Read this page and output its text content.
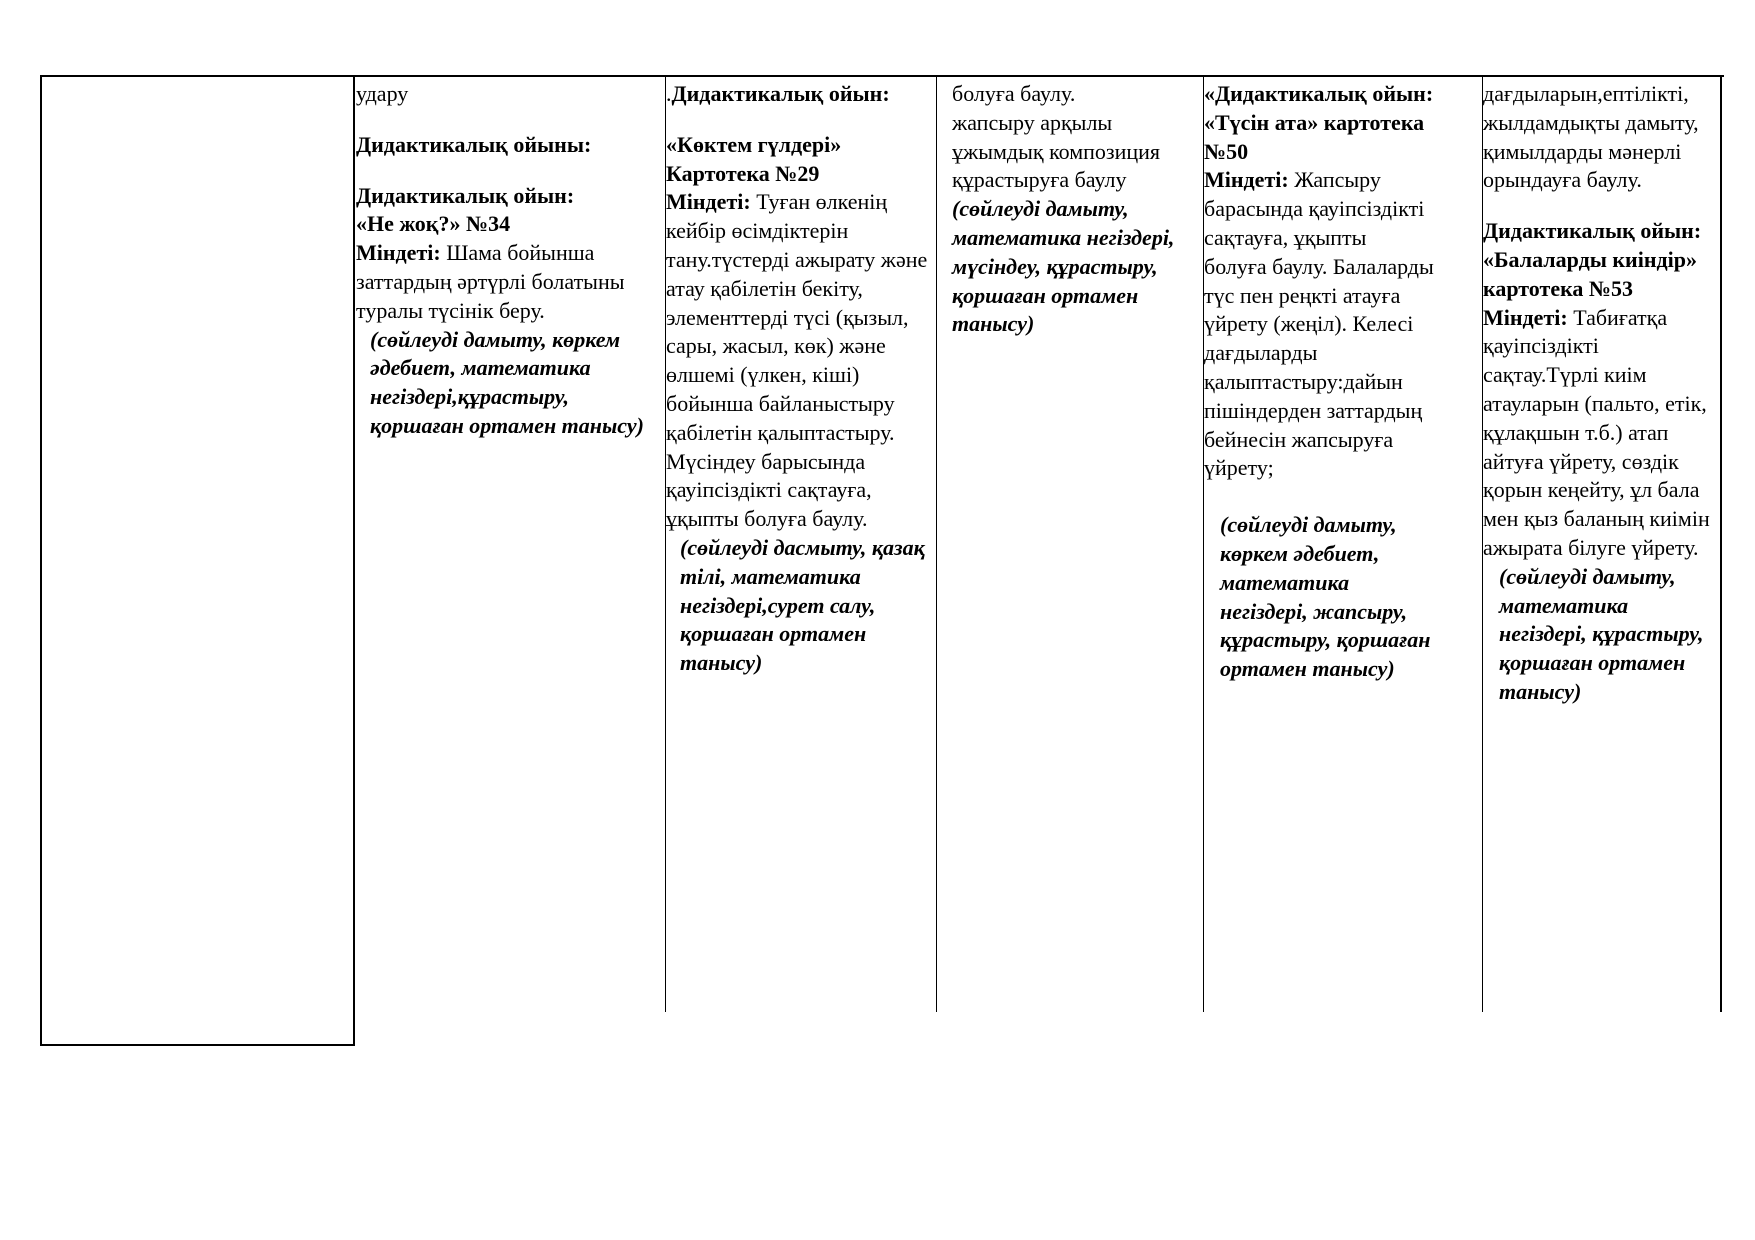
удару

Дидактикалық ойыны:

Дидактикалық ойын:

«Не жоқ?» №34

Міндеті: Шама бойынша заттардың әртүрлі болатыны туралы түсінік беру.

(сөйлеуді дамыту, көркем әдебиет, математика негіздері,құрастыру, қоршаған ортамен танысу)

.Дидактикалық ойын:

«Көктем гүлдері» Картотека №29

Міндеті: Туған өлкенің кейбір өсімдіктерін тану.түстерді ажырату және атау қабілетін бекіту, элементтерді түсі (қызыл, сары, жасыл, көк) және өлшемі (үлкен, кіші) бойынша байланыстыру қабілетін қалыптастыру. Мүсіндеу барысында қауіпсіздікті сақтауға, ұқыпты болуға баулу.

(сөйлеуді дасмыту, қазақ тілі, математика негіздері,сурет салу, қоршаған ортамен танысу)

болуға баулу.

жапсыру арқылы ұжымдық композиция құрастыруға баулу

(сөйлеуді дамыту, математика негіздері, мүсіндеу, құрастыру, қоршаған ортамен танысу)

«Дидактикалық ойын: «Түсін ата» картотека №50

Міндеті: Жапсыру барасында қауіпсіздікті сақтауға, ұқыпты болуға баулу. Балаларды түс пен реңкті атауға үйрету (жеңіл). Келесі дағдыларды қалыптастыру:дайын пішіндерден заттардың бейнесін жапсыруға үйрету;

(сөйлеуді дамыту, көркем әдебиет, математика негіздері, жапсыру, құрастыру, қоршаған ортамен танысу)

дағдыларын,ептілікті, жылдамдықты дамыту, қимылдарды мәнерлі орындауға баулу.

Дидактикалық ойын: «Балаларды киіндір» картотека №53

Міндеті: Табиғатқа қауіпсіздікті сақтау.Түрлі киім атауларын (пальто, етік, құлақшын т.б.) атап айтуға үйрету, сөздік қорын кеңейту, ұл бала мен қыз баланың киімін ажырата білуге үйрету.

(сөйлеуді дамыту, математика негіздері, құрастыру, қоршаған ортамен танысу)
